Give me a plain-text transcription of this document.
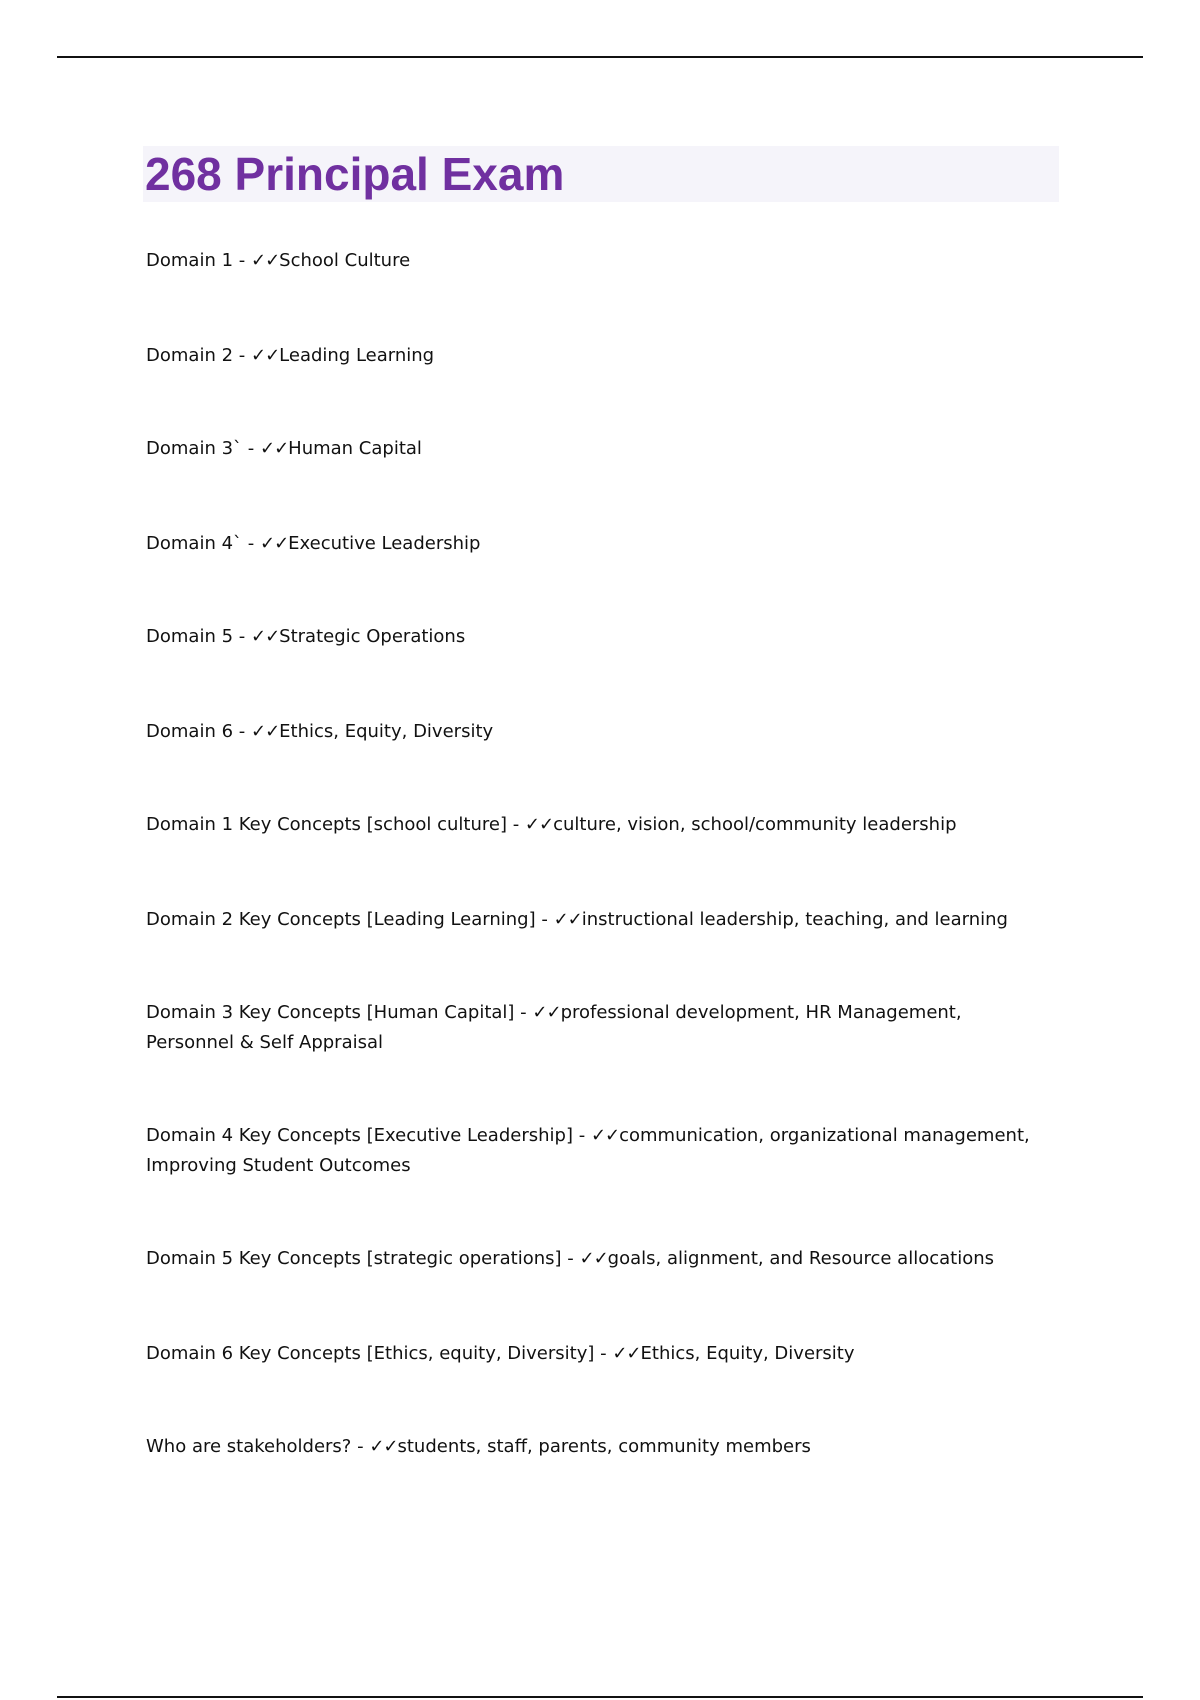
268 Principal Exam

Domain 1 - ✓✓School Culture

Domain 2 - ✓✓Leading Learning

Domain 3` - ✓✓Human Capital

Domain 4` - ✓✓Executive Leadership

Domain 5 - ✓✓Strategic Operations

Domain 6 - ✓✓Ethics, Equity, Diversity

Domain 1 Key Concepts [school culture] - ✓✓culture, vision, school/community leadership

Domain 2 Key Concepts [Leading Learning] - ✓✓instructional leadership, teaching, and learning

Domain 3 Key Concepts [Human Capital] - ✓✓professional development, HR Management, Personnel & Self Appraisal

Domain 4 Key Concepts [Executive Leadership] - ✓✓communication, organizational management, Improving Student Outcomes

Domain 5 Key Concepts [strategic operations] - ✓✓goals, alignment, and Resource allocations

Domain 6 Key Concepts [Ethics, equity, Diversity] - ✓✓Ethics, Equity, Diversity

Who are stakeholders? - ✓✓students, staff, parents, community members
